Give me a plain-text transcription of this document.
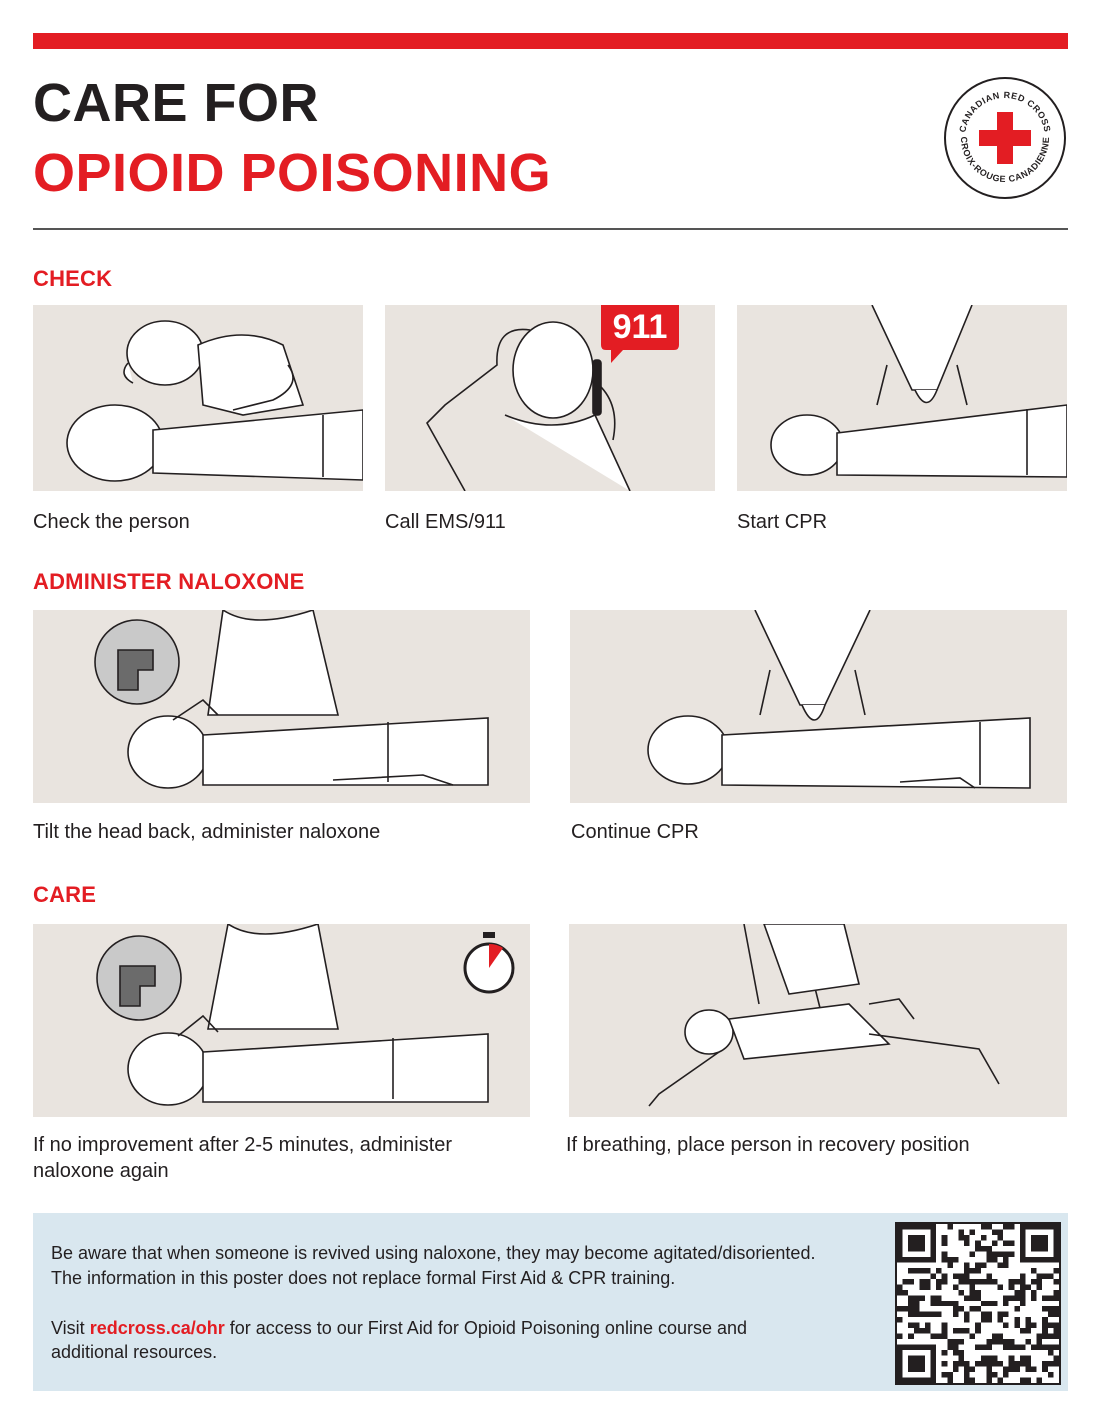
CARE FOR
OPIOID POISONING
CANADIAN RED CROSS
CROIX-ROUGE CANADIENNE
CHECK
Check the person
911
Call EMS/911	Start CPR
ADMINISTER NALOXONE
Tilt the head back, administer naloxone	Continue CPR
CARE
If no improvement after 2-5 minutes, administer
naloxone again
If breathing, place person in recovery position
Be aware that when someone is revived using naloxone, they may become agitated/disoriented.
The information in this poster does not replace formal First Aid & CPR training.
Visit redcross.ca/ohr for access to our First Aid for Opioid Poisoning online course and
additional resources.
